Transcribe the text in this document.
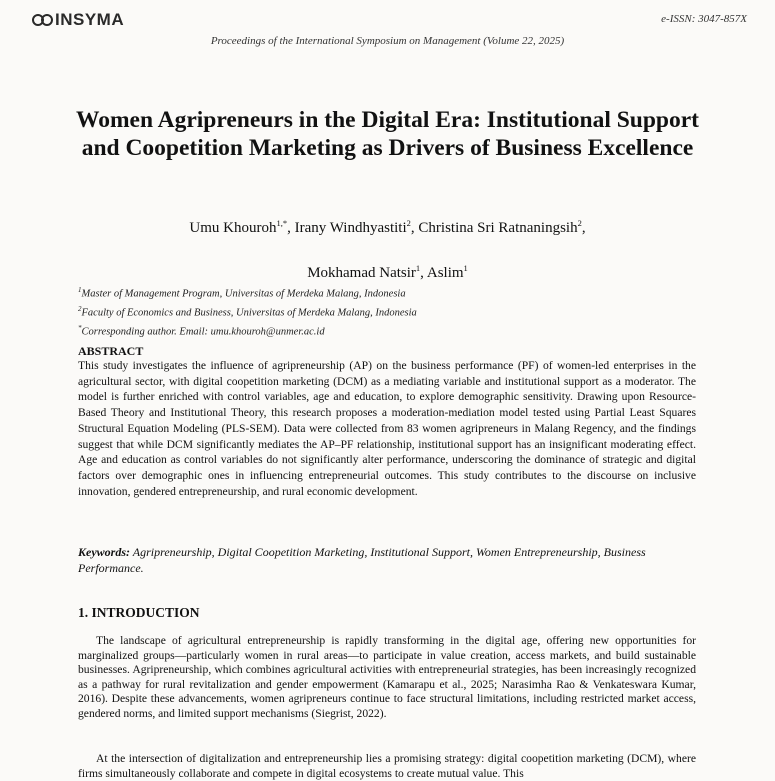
INSYMA	e-ISSN: 3047-857X
Proceedings of the International Symposium on Management (Volume 22, 2025)
Women Agripreneurs in the Digital Era: Institutional Support and Coopetition Marketing as Drivers of Business Excellence
Umu Khouroh$^{1,*}$, Irany Windhyastiti$^2$, Christina Sri Ratnaningsih$^2$,
Mokhamad Natsir$^1$, Aslim$^1$
$^1$Master of Management Program, Universitas of Merdeka Malang, Indonesia
$^2$Faculty of Economics and Business, Universitas of Merdeka Malang, Indonesia
*Corresponding author. Email: umu.khouroh@unmer.ac.id
ABSTRACT

This study investigates the influence of agripreneurship (AP) on the business performance (PF) of women-led enterprises in the agricultural sector, with digital coopetition marketing (DCM) as a mediating variable and institutional support as a moderator. The model is further enriched with control variables, age and education, to explore demographic sensitivity. Drawing upon Resource-Based Theory and Institutional Theory, this research proposes a moderation-mediation model tested using Partial Least Squares Structural Equation Modeling (PLS-SEM). Data were collected from 83 women agripreneurs in Malang Regency, and the findings suggest that while DCM significantly mediates the AP–PF relationship, institutional support has an insignificant moderating effect. Age and education as control variables do not significantly alter performance, underscoring the dominance of strategic and digital factors over demographic ones in influencing entrepreneurial outcomes. This study contributes to the discourse on inclusive innovation, gendered entrepreneurship, and rural economic development.

Keywords: Agripreneurship, Digital Coopetition Marketing, Institutional Support, Women Entrepreneurship, Business Performance.

1. INTRODUCTION

The landscape of agricultural entrepreneurship is rapidly transforming in the digital age, offering new opportunities for marginalized groups—particularly women in rural areas—to participate in value creation, access markets, and build sustainable businesses. Agripreneurship, which combines agricultural activities with entrepreneurial strategies, has been increasingly recognized as a pathway for rural revitalization and gender empowerment (Kamarapu et al., 2025; Narasimha Rao & Venkateswara Kumar, 2016). Despite these advancements, women agripreneurs continue to face structural limitations, including restricted market access, gendered norms, and limited support mechanisms (Siegrist, 2022).

At the intersection of digitalization and entrepreneurship lies a promising strategy: digital coopetition marketing (DCM), where firms simultaneously collaborate and compete in digital ecosystems to create mutual value. This
